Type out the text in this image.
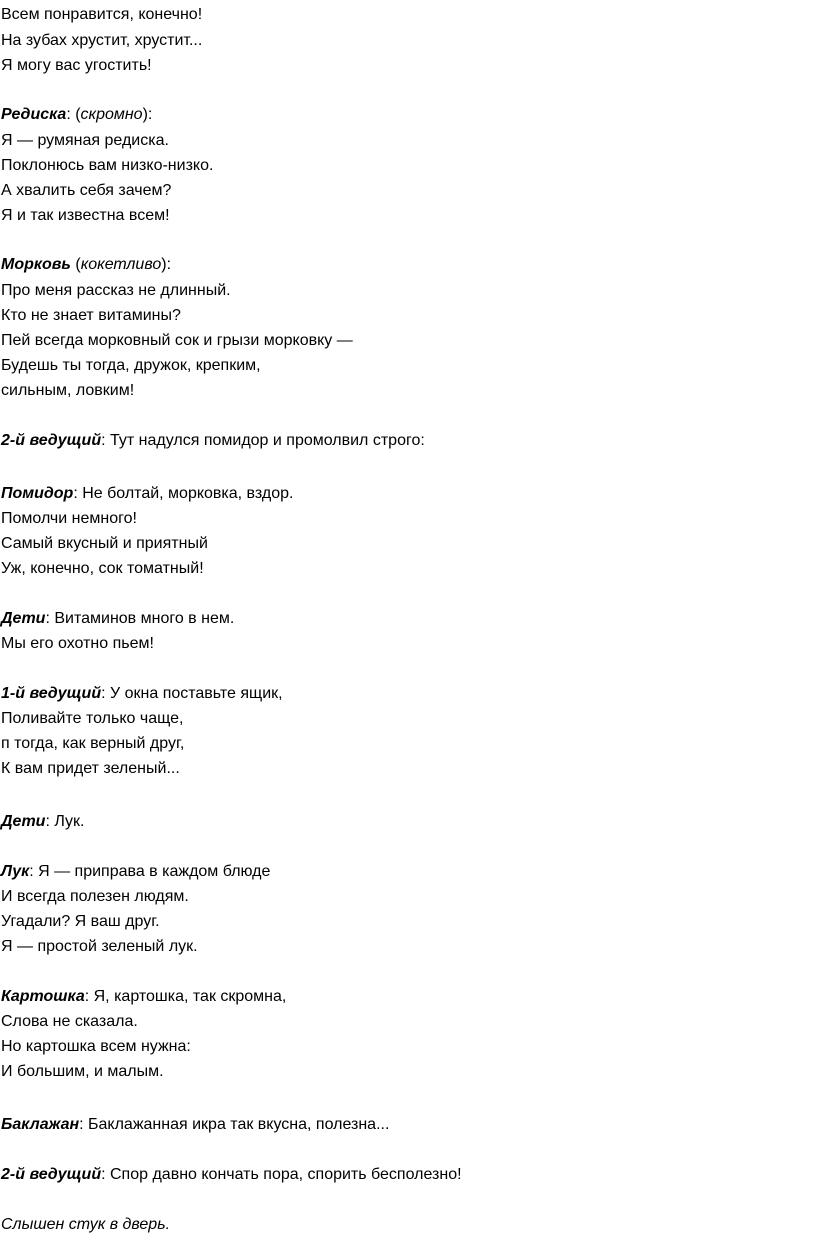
Всем понравится, конечно!
На зубах хрустит, хрустит...
Я могу вас угостить!
Редиска: (скромно):
Я — румяная редиска.
Поклонюсь вам низко-низко.
А хвалить себя зачем?
Я и так известна всем!
Морковь (кокетливо):
Про меня рассказ не длинный.
Кто не знает витамины?
Пей всегда морковный сок и грызи морковку —
Будешь ты тогда, дружок, крепким,
сильным, ловким!
2-й ведущий: Тут надулся помидор и промолвил строго:
Помидор: Не болтай, морковка, вздор.
Помолчи немного!
Самый вкусный и приятный
Уж, конечно, сок томатный!
Дети: Витаминов много в нем.
Мы его охотно пьем!
1-й ведущий: У окна поставьте ящик,
Поливайте только чаще,
п тогда, как верный друг,
К вам придет зеленый...
Дети: Лук.
Лук: Я — приправа в каждом блюде
И всегда полезен людям.
Угадали? Я ваш друг.
Я — простой зеленый лук.
Картошка: Я, картошка, так скромна,
Слова не сказала.
Но картошка всем нужна:
И большим, и малым.
Баклажан: Баклажанная икра так вкусна, полезна...
2-й ведущий: Спор давно кончать пора, спорить бесполезно!
Слышен стук в дверь.
